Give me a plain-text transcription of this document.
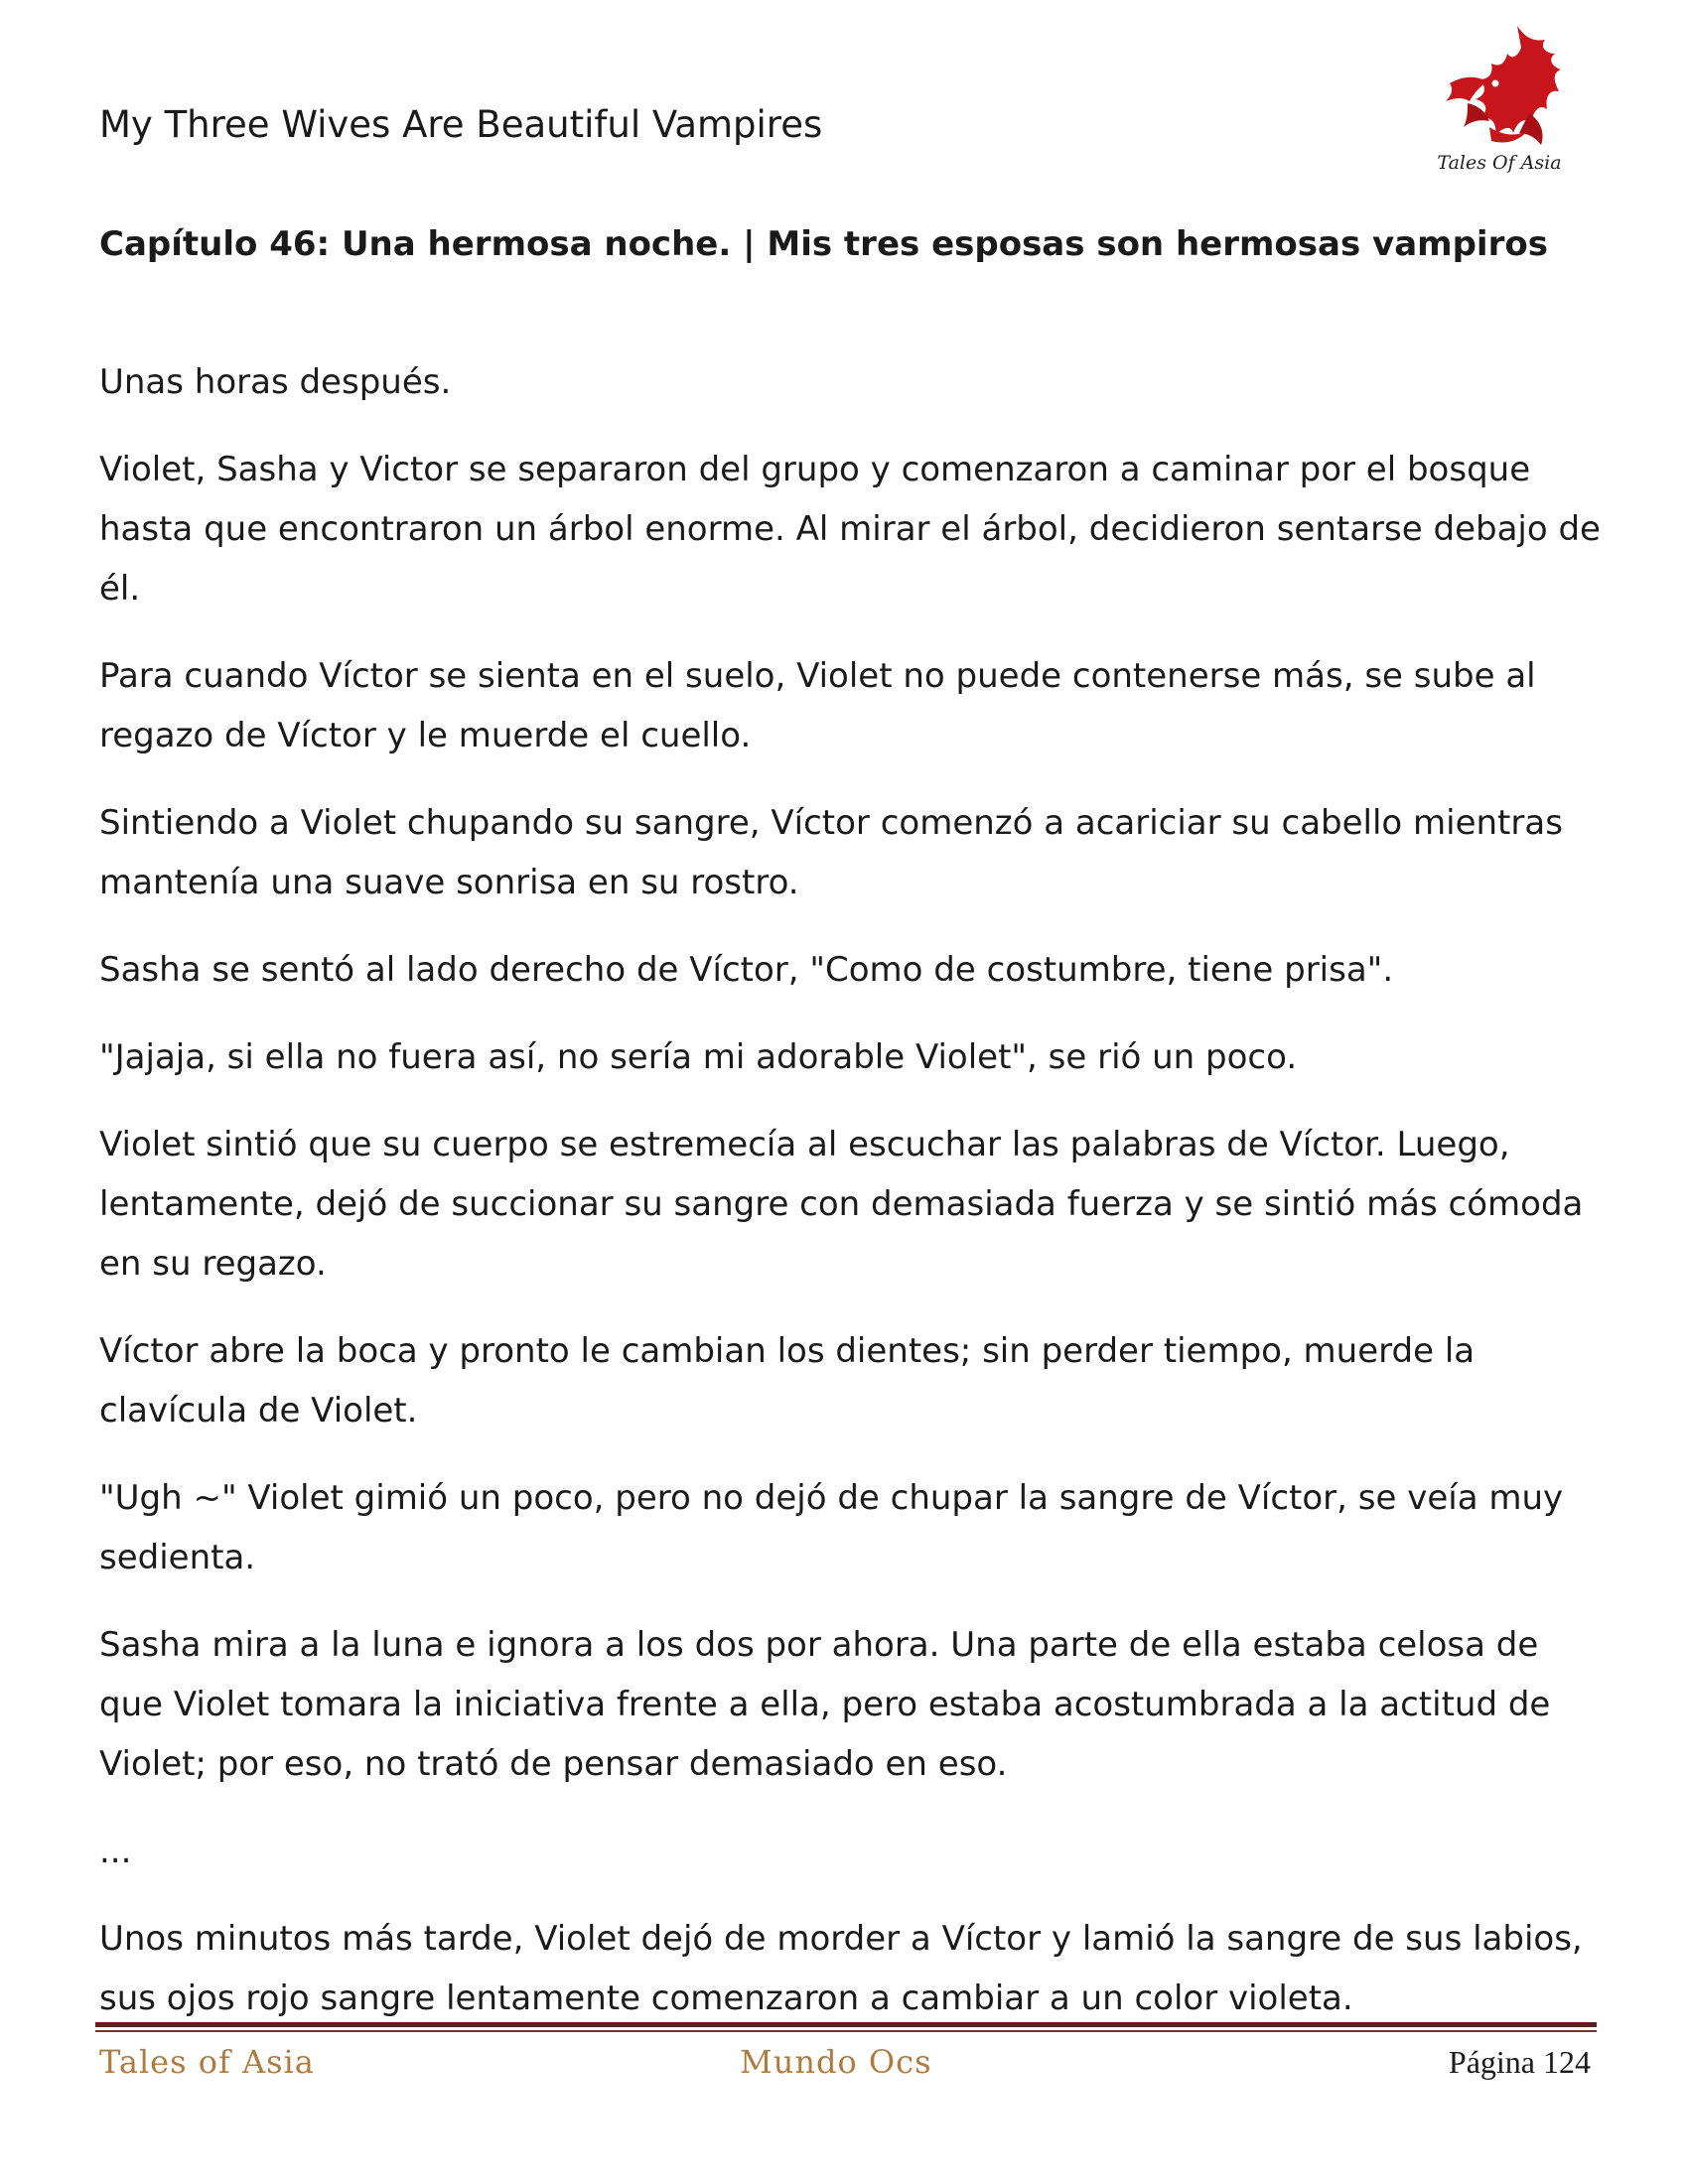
My Three Wives Are Beautiful Vampires
Tales Of Asia
Capítulo 46: Una hermosa noche. | Mis tres esposas son hermosas vampiros

Unas horas después.

Violet, Sasha y Victor se separaron del grupo y comenzaron a caminar por el bosque hasta que encontraron un árbol enorme. Al mirar el árbol, decidieron sentarse debajo de él.

Para cuando Víctor se sienta en el suelo, Violet no puede contenerse más, se sube al regazo de Víctor y le muerde el cuello.

Sintiendo a Violet chupando su sangre, Víctor comenzó a acariciar su cabello mientras mantenía una suave sonrisa en su rostro.

Sasha se sentó al lado derecho de Víctor, "Como de costumbre, tiene prisa".

"Jajaja, si ella no fuera así, no sería mi adorable Violet", se rió un poco.

Violet sintió que su cuerpo se estremecía al escuchar las palabras de Víctor. Luego, lentamente, dejó de succionar su sangre con demasiada fuerza y se sintió más cómoda en su regazo.

Víctor abre la boca y pronto le cambian los dientes; sin perder tiempo, muerde la clavícula de Violet.

"Ugh ~" Violet gimió un poco, pero no dejó de chupar la sangre de Víctor, se veía muy sedienta.

Sasha mira a la luna e ignora a los dos por ahora. Una parte de ella estaba celosa de que Violet tomara la iniciativa frente a ella, pero estaba acostumbrada a la actitud de Violet; por eso, no trató de pensar demasiado en eso.

...

Unos minutos más tarde, Violet dejó de morder a Víctor y lamió la sangre de sus labios, sus ojos rojo sangre lentamente comenzaron a cambiar a un color violeta.

Tales of Asia	Mundo Ocs	Página 124
